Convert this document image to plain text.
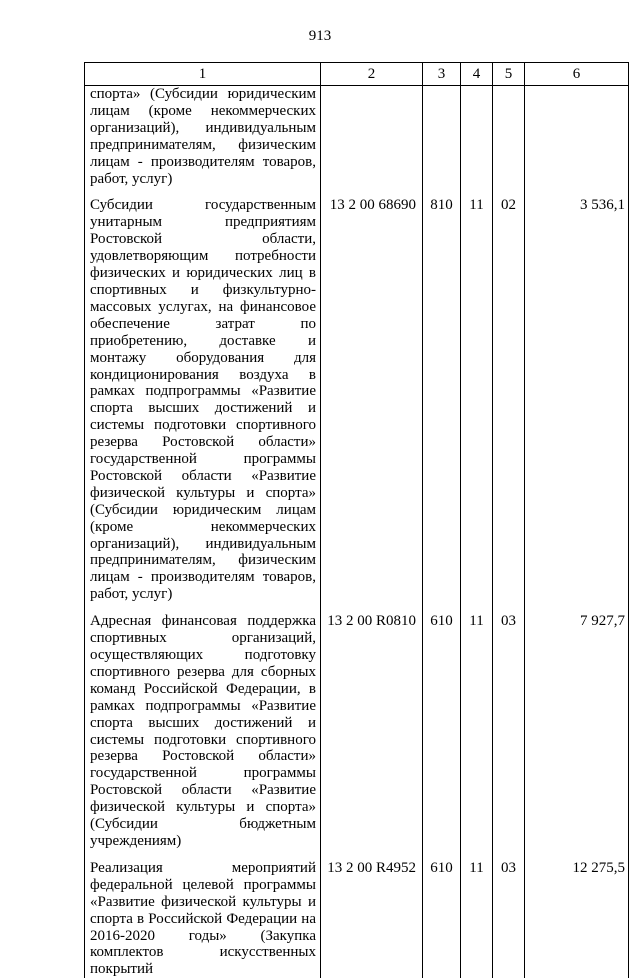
913
1	2	3	4	5	6
спорта» (Субсидии юридическим лицам (кроме некоммерческих организаций), индивидуальным предпринимателям, физическим лицам - производителям товаров, работ, услуг)					

Субсидии государственным унитарным предприятиям Ростовской области, удовлетворяющим потребности физических и юридических лиц в спортивных и физкультурно-массовых услугах, на финансовое обеспечение затрат по приобретению, доставке и монтажу оборудования для кондиционирования воздуха в рамках подпрограммы «Развитие спорта высших достижений и системы подготовки спортивного резерва Ростовской области» государственной программы Ростовской области «Развитие физической культуры и спорта» (Субсидии юридическим лицам (кроме некоммерческих организаций), индивидуальным предпринимателям, физическим лицам - производителям товаров, работ, услуг)	13 2 00 68690	810	11	02	3 536,1

Адресная финансовая поддержка спортивных организаций, осуществляющих подготовку спортивного резерва для сборных команд Российской Федерации, в рамках подпрограммы «Развитие спорта высших достижений и системы подготовки спортивного резерва Ростовской области» государственной программы Ростовской области «Развитие физической культуры и спорта» (Субсидии бюджетным учреждениям)	13 2 00 R0810	610	11	03	7 927,7

Реализация мероприятий федеральной целевой программы «Развитие физической культуры и спорта в Российской Федерации на 2016-2020 годы» (Закупка комплектов искусственных покрытий	13 2 00 R4952	610	11	03	12 275,5
